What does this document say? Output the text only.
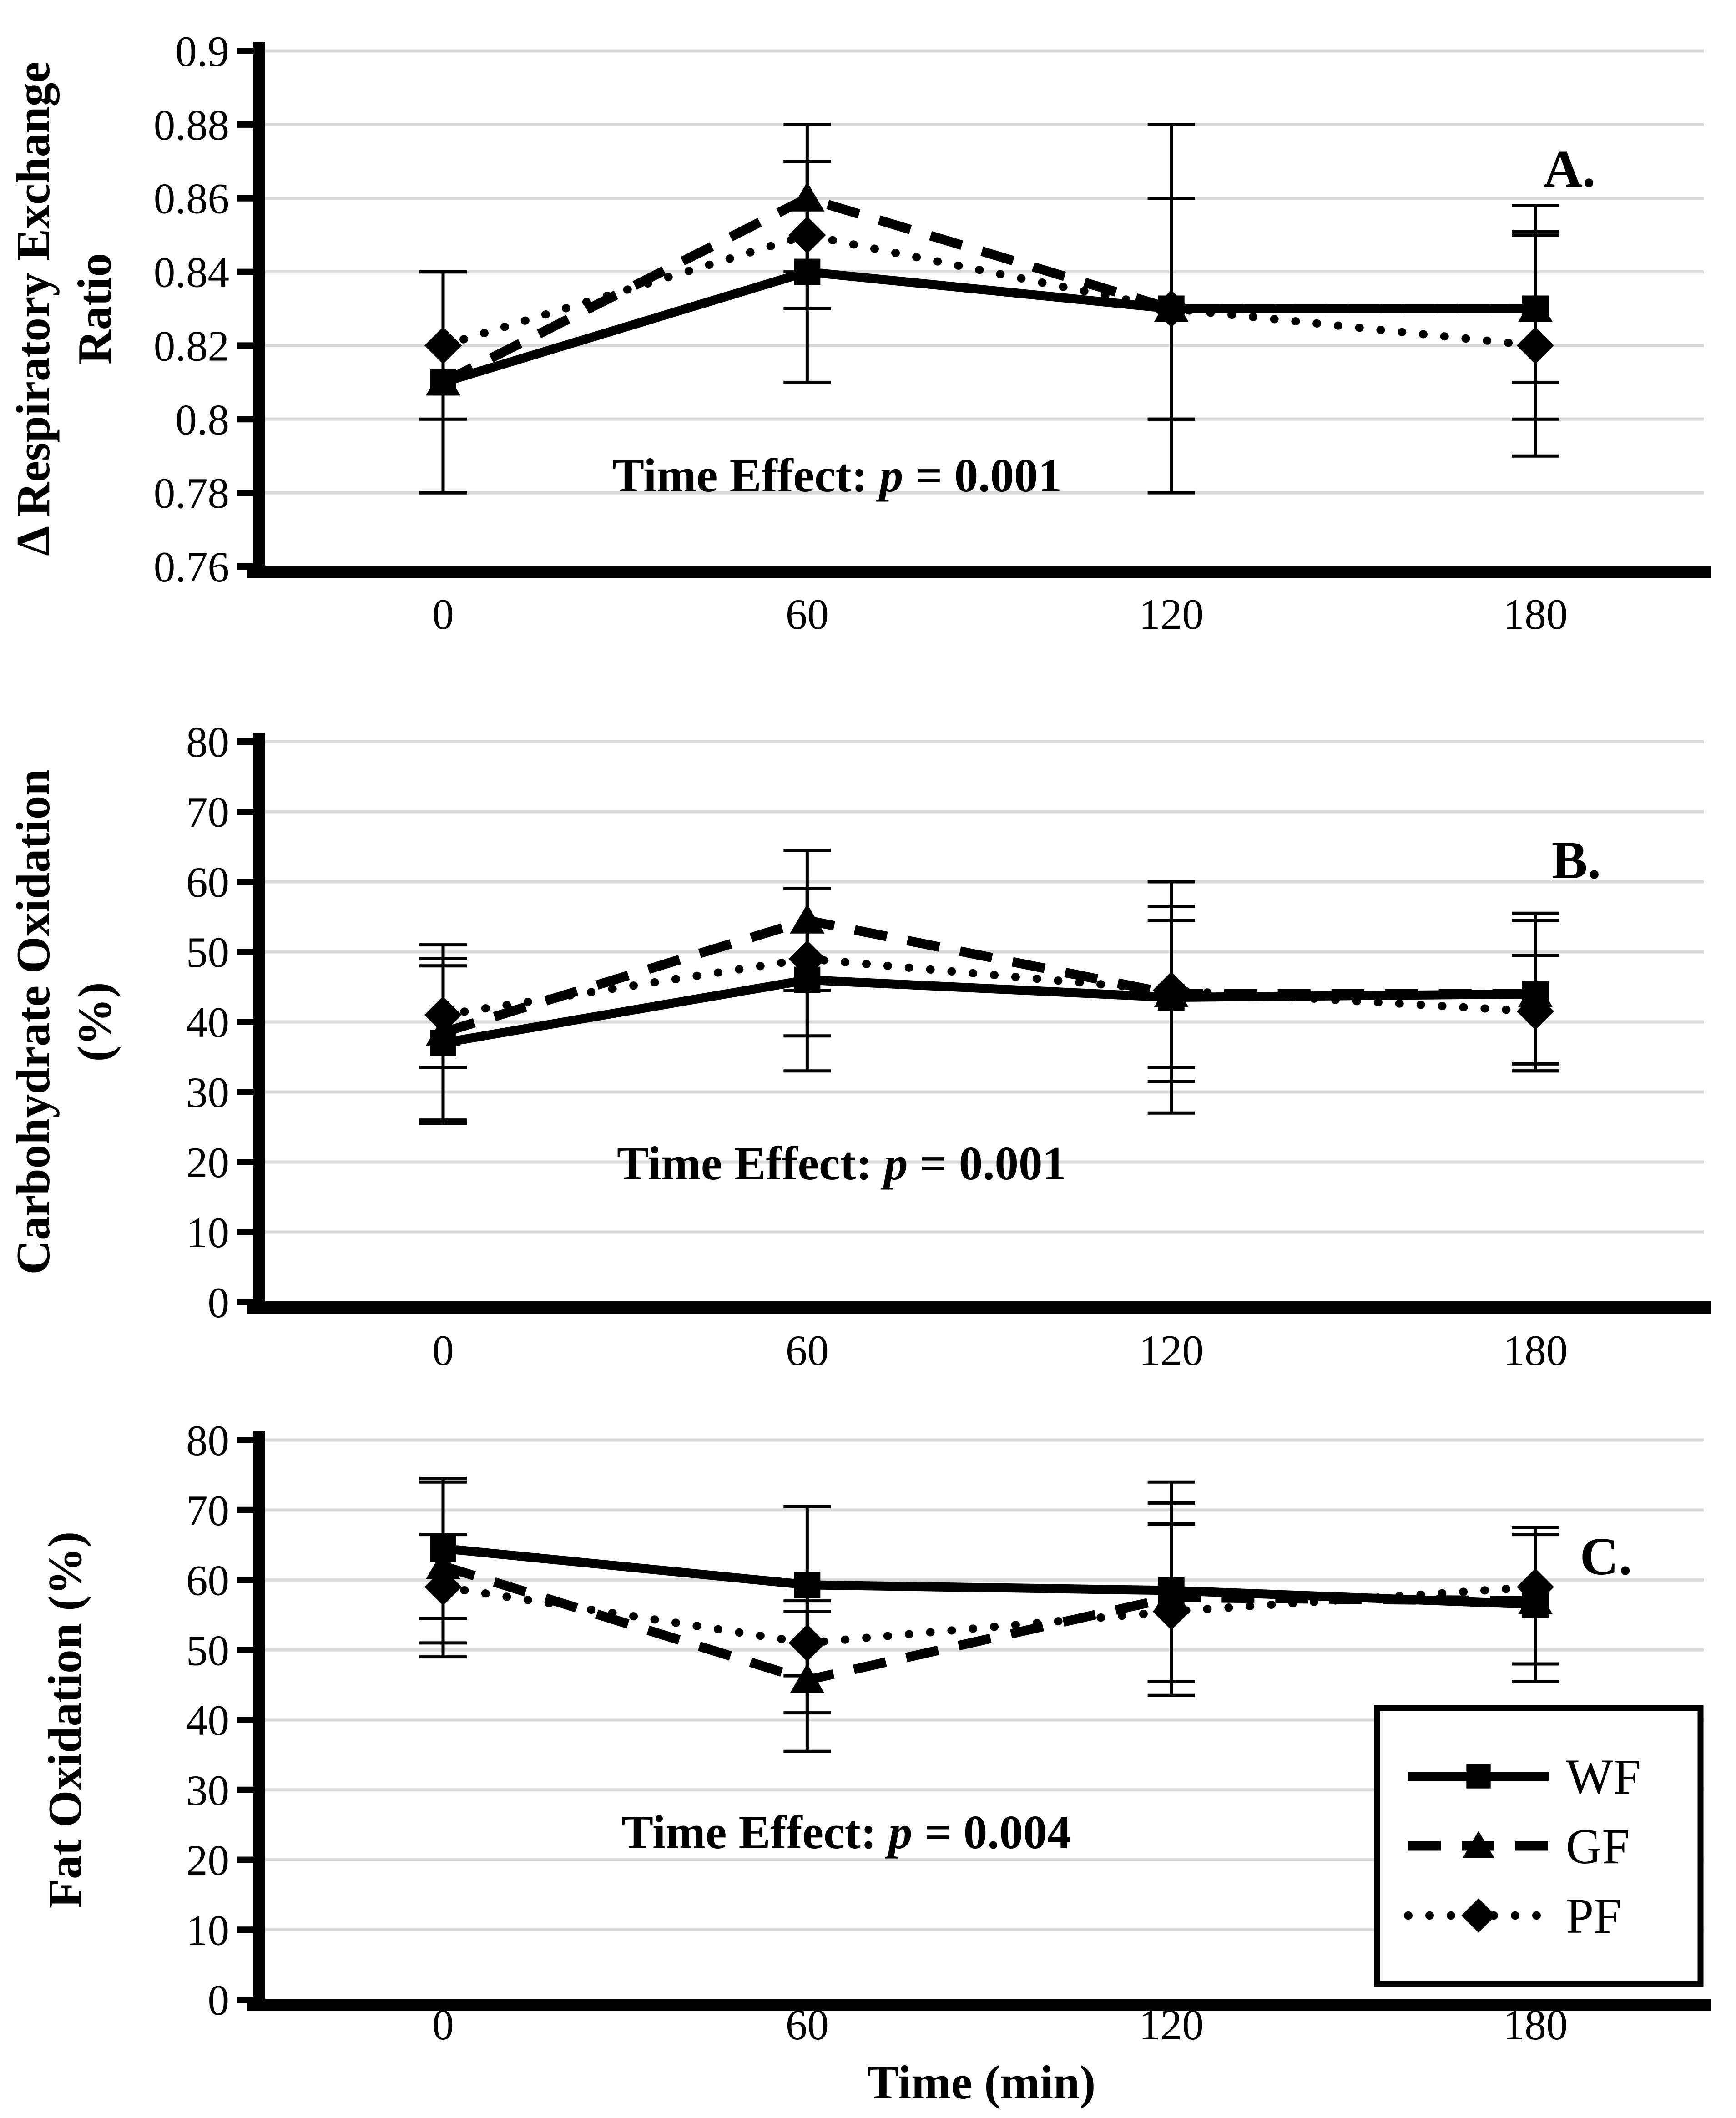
0.76
0.78
0.8
0.82
0.84
0.86
0.88
0.9
0	60	120	180
Δ Respiratory Exchange Ratio
Time Effect: p = 0.001
A.
0
10
20
30
40
50
60
70
80
0	60	120	180
Carbohydrate Oxidation (%)
Time Effect: p = 0.001
B.
0
10
20
30
40
50
60
70
80
0	60	120	180
Fat Oxidation (%)	Time Effect: p = 0.004
C.
Time (min)
WF
GF
PF
